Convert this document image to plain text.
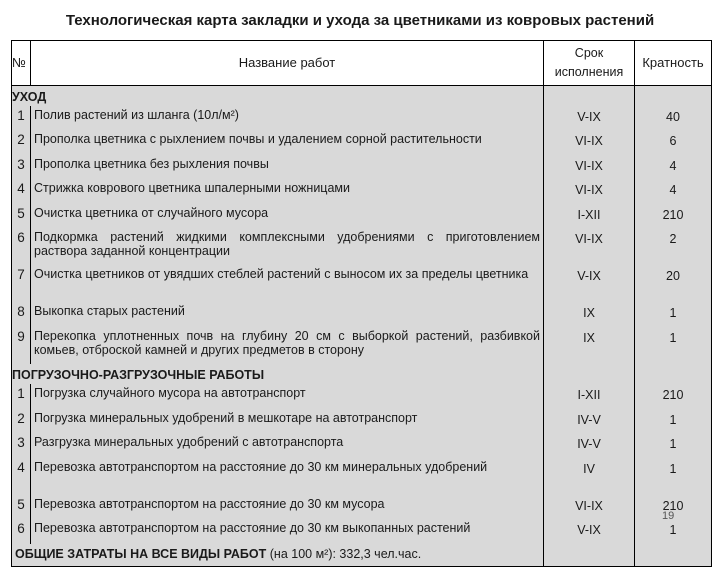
Технологическая карта закладки и ухода за цветниками из ковровых растений
№	Название работ	Срок исполнения	Кратность
УХОД			
1	Полив растений из шланга (10л/м²)	V-IX	40
2	Прополка цветника с рыхлением почвы и удалением сорной растительности	VI-IX	6
3	Прополка цветника без рыхления почвы	VI-IX	4
4	Стрижка коврового цветника шпалерными ножницами	VI-IX	4
5	Очистка цветника от случайного мусора	I-XII	210
6	Подкормка растений жидкими комплексными удобрениями с приготовлением раствора заданной концентрации	VI-IX	2
7	Очистка цветников от увядших стеблей растений с выносом их за пределы цветника	V-IX	20
8	Выкопка старых растений	IX	1
9	Перекопка уплотненных почв на глубину 20 см с выборкой растений, разбивкой комьев, отброской камней и других предметов в сторону	IX	1
ПОГРУЗОЧНО-РАЗГРУЗОЧНЫЕ РАБОТЫ			
1	Погрузка случайного мусора на автотранспорт	I-XII	210
2	Погрузка минеральных удобрений в мешкотаре на автотранспорт	IV-V	1
3	Разгрузка минеральных удобрений с автотранспорта	IV-V	1
4	Перевозка автотранспортом на расстояние до 30 км минеральных удобрений	IV	1
5	Перевозка автотранспортом на расстояние до 30 км мусора	VI-IX	210
6	Перевозка автотранспортом на расстояние до 30 км выкопанных растений	V-IX	1
ОБЩИЕ ЗАТРАТЫ НА ВСЕ ВИДЫ РАБОТ (на 100 м²): 332,3 чел.час.			
19
